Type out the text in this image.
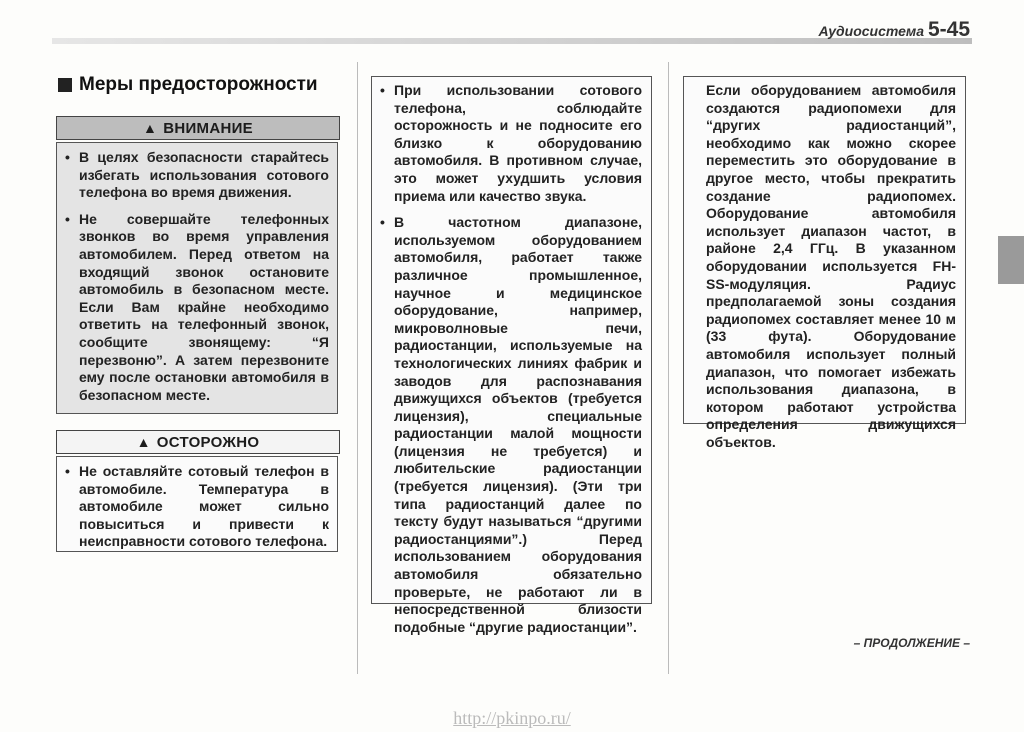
Аудиосистема 5-45
Меры предосторожности
▲ ВНИМАНИЕ
• В целях безопасности старайтесь избегать использования сотового телефона во время движения.
• Не совершайте телефонных звонков во время управления автомобилем. Перед ответом на входящий звонок остановите автомобиль в безопасном месте. Если Вам крайне необходимо ответить на телефонный звонок, сообщите звонящему: “Я перезвоню”. А затем перезвоните ему после остановки автомобиля в безопасном месте.
▲ ОСТОРОЖНО
• Не оставляйте сотовый телефон в автомобиле. Температура в автомобиле может сильно повыситься и привести к неисправности сотового телефона.
• При использовании сотового телефона, соблюдайте осторожность и не подносите его близко к оборудованию автомобиля. В противном случае, это может ухудшить условия приема или качество звука.
• В частотном диапазоне, используемом оборудованием автомобиля, работает также различное промышленное, научное и медицинское оборудование, например, микроволновые печи, радиостанции, используемые на технологических линиях фабрик и заводов для распознавания движущихся объектов (требуется лицензия), специальные радиостанции малой мощности (лицензия не требуется) и любительские радиостанции (требуется лицензия). (Эти три типа радиостанций далее по тексту будут называться “другими радиостанциями”.) Перед использованием оборудования автомобиля обязательно проверьте, не работают ли в непосредственной близости подобные “другие радиостанции”.

Если оборудованием автомобиля создаются радиопомехи для “других радиостанций”, необходимо как можно скорее переместить это оборудование в другое место, чтобы прекратить создание радиопомех. Оборудование автомобиля использует диапазон частот, в районе 2,4 ГГц. В указанном оборудовании используется FH-SS-модуляция. Радиус предполагаемой зоны создания радиопомех составляет менее 10 м (33 фута). Оборудование автомобиля использует полный диапазон, что помогает избежать использования диапазона, в котором работают устройства определения движущихся объектов.

– ПРОДОЛЖЕНИЕ –
http://pkinpo.ru/
